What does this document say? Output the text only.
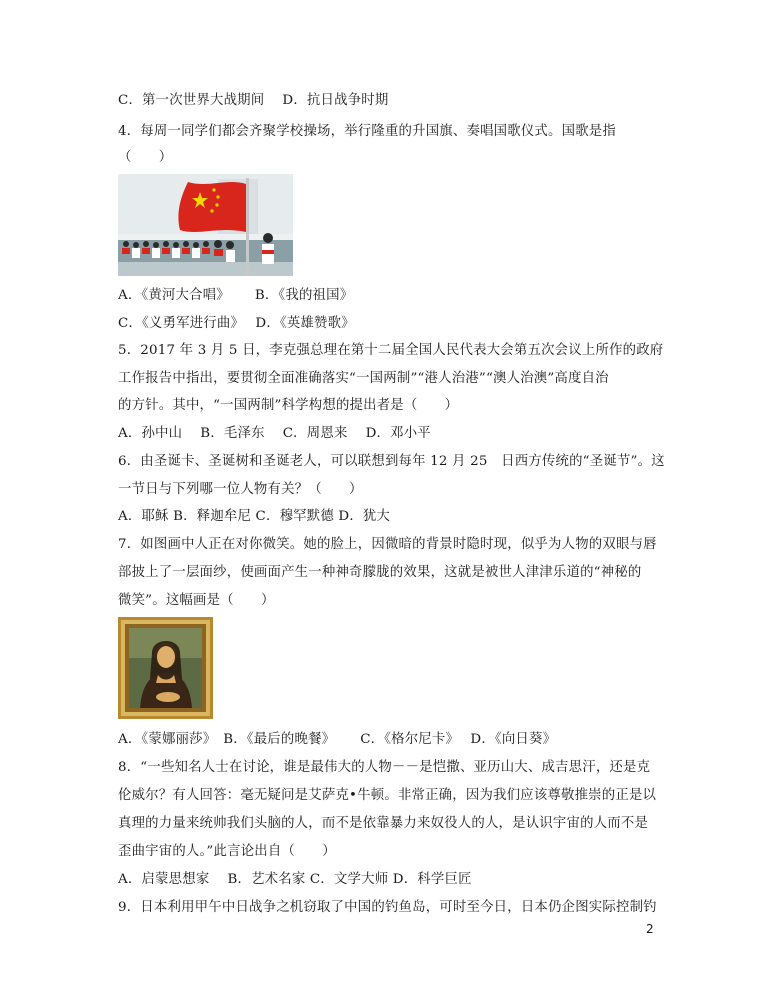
C．第一次世界大战期间　 D．抗日战争时期
4．每周一同学们都会齐聚学校操场，举行隆重的升国旗、奏唱国歌仪式。国歌是指
（　　）
A．《黄河大合唱》　　 B．《我的祖国》
C．《义勇军进行曲》　 D．《英雄赞歌》
5．2017 年 3 月 5 日，李克强总理在第十二届全国人民代表大会第五次会议上所作的政府
工作报告中指出，要贯彻全面准确落实“一国两制”“港人治港”“澳人治澳”高度自治
的方针。其中，“一国两制”科学构想的提出者是（　　）
A．孙中山　 B．毛泽东　 C．周恩来　 D．邓小平
6．由圣诞卡、圣诞树和圣诞老人，可以联想到每年 12 月 25　日西方传统的“圣诞节”。这
一节日与下列哪一位人物有关？（　　）
A．耶稣 B．释迦牟尼 C．穆罕默德 D．犹大
7．如图画中人正在对你微笑。她的脸上，因微暗的背景时隐时现，似乎为人物的双眼与唇
部披上了一层面纱，使画面产生一种神奇朦胧的效果，这就是被世人津津乐道的“神秘的
微笑”。这幅画是（　　）
A．《蒙娜丽莎》　B．《最后的晚餐》　　 C．《格尔尼卡》　 D．《向日葵》
8．“一些知名人士在讨论，谁是最伟大的人物－－是恺撒、亚历山大、成吉思汗，还是克
伦威尔？有人回答：毫无疑问是艾萨克•牛顿。非常正确，因为我们应该尊敬推崇的正是以
真理的力量来统帅我们头脑的人，而不是依靠暴力来奴役人的人，是认识宇宙的人而不是
歪曲宇宙的人。”此言论出自（　　）
A．启蒙思想家　 B．艺术名家 C．文学大师 D．科学巨匠
9．日本利用甲午中日战争之机窃取了中国的钓鱼岛，可时至今日，日本仍企图实际控制钓
2
